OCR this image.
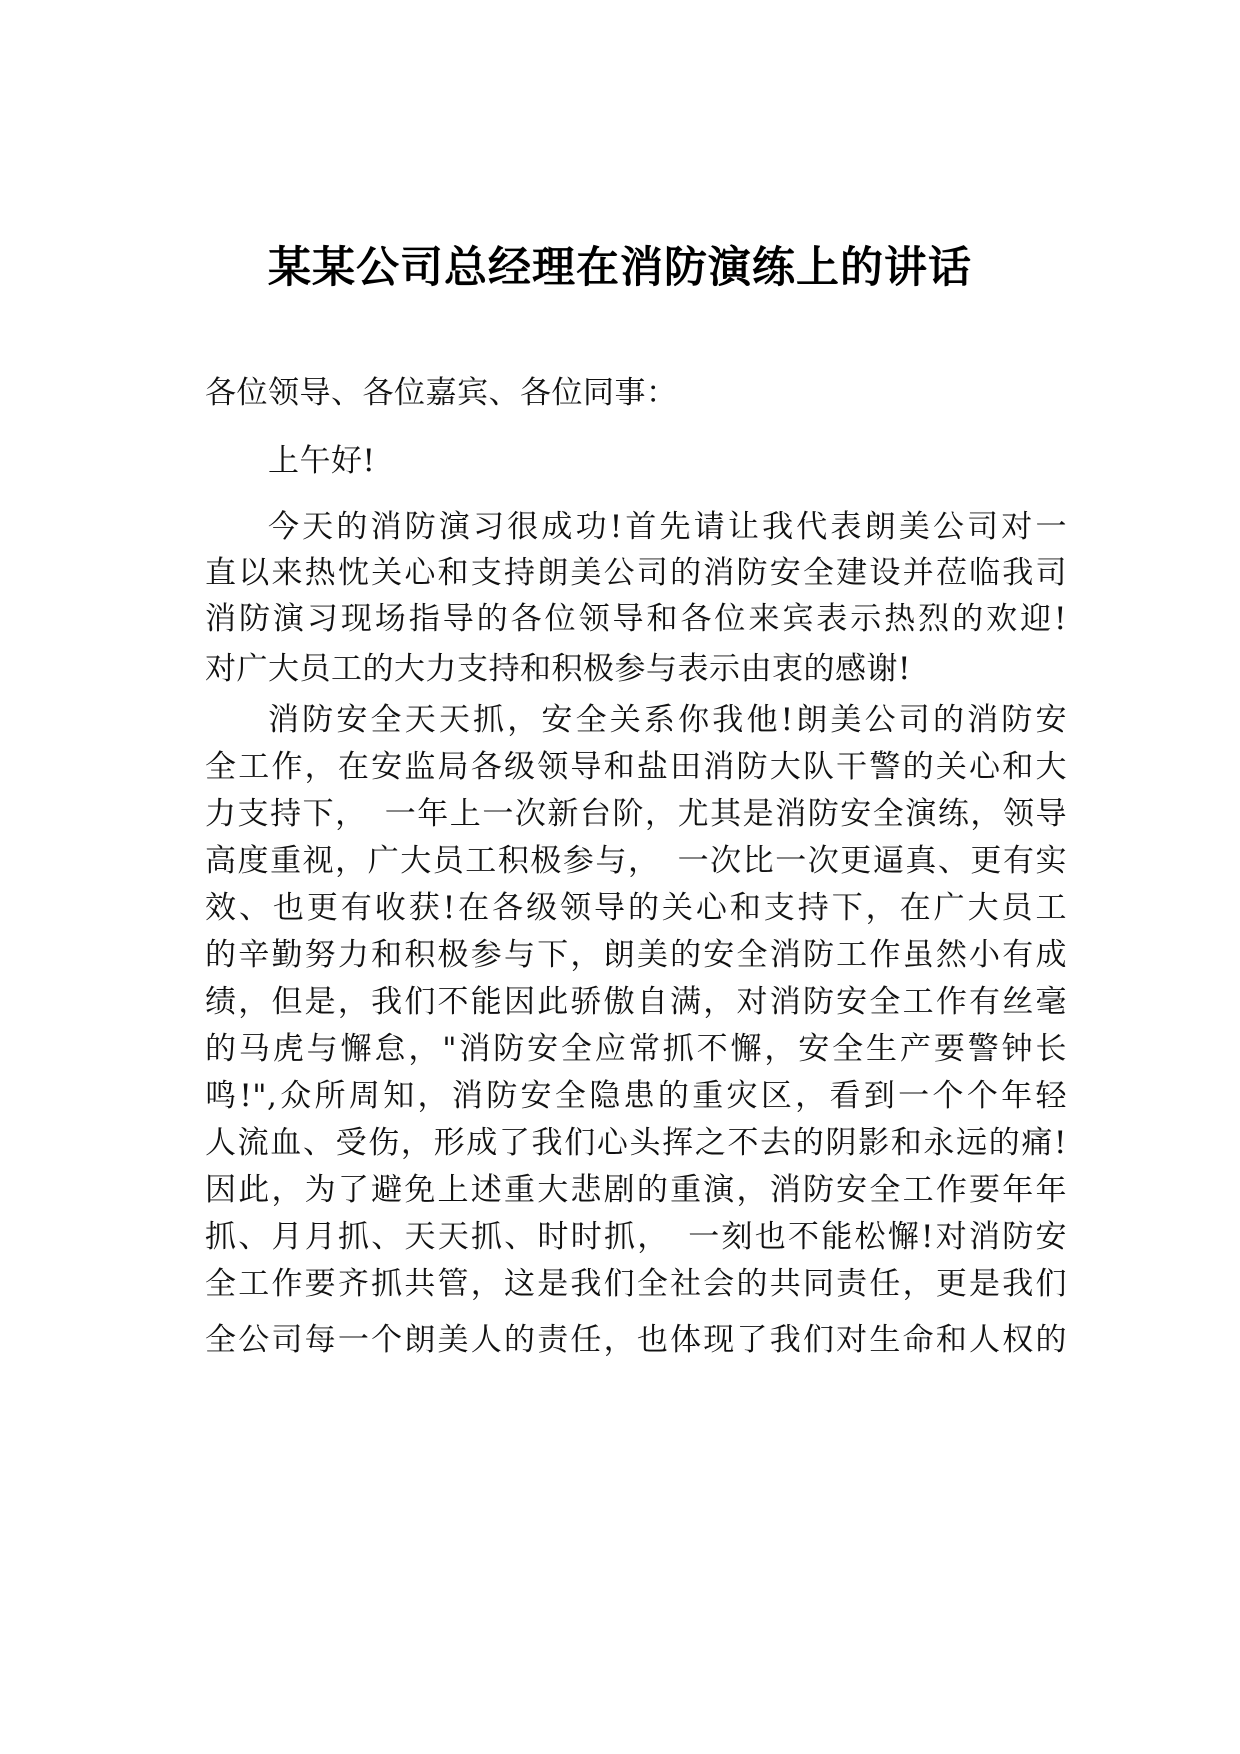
某某公司总经理在消防演练上的讲话
各位领导、各位嘉宾、各位同事：
上午好!
今天的消防演习很成功!首先请让我代表朗美公司对一
直以来热忱关心和支持朗美公司的消防安全建设并莅临我司
消防演习现场指导的各位领导和各位来宾表示热烈的欢迎!
对广大员工的大力支持和积极参与表示由衷的感谢!
消防安全天天抓，安全关系你我他!朗美公司的消防安
全工作，在安监局各级领导和盐田消防大队干警的关心和大
力支持下，　一年上一次新台阶，尤其是消防安全演练，领导
高度重视，广大员工积极参与，　一次比一次更逼真、更有实
效、也更有收获!在各级领导的关心和支持下，在广大员工
的辛勤努力和积极参与下，朗美的安全消防工作虽然小有成
绩，但是，我们不能因此骄傲自满，对消防安全工作有丝毫
的马虎与懈怠，"消防安全应常抓不懈，安全生产要警钟长
鸣!",众所周知，消防安全隐患的重灾区，看到一个个年轻
人流血、受伤，形成了我们心头挥之不去的阴影和永远的痛!
因此，为了避免上述重大悲剧的重演，消防安全工作要年年
抓、月月抓、天天抓、时时抓，　一刻也不能松懈!对消防安
全工作要齐抓共管，这是我们全社会的共同责任，更是我们
全公司每一个朗美人的责任，也体现了我们对生命和人权的
